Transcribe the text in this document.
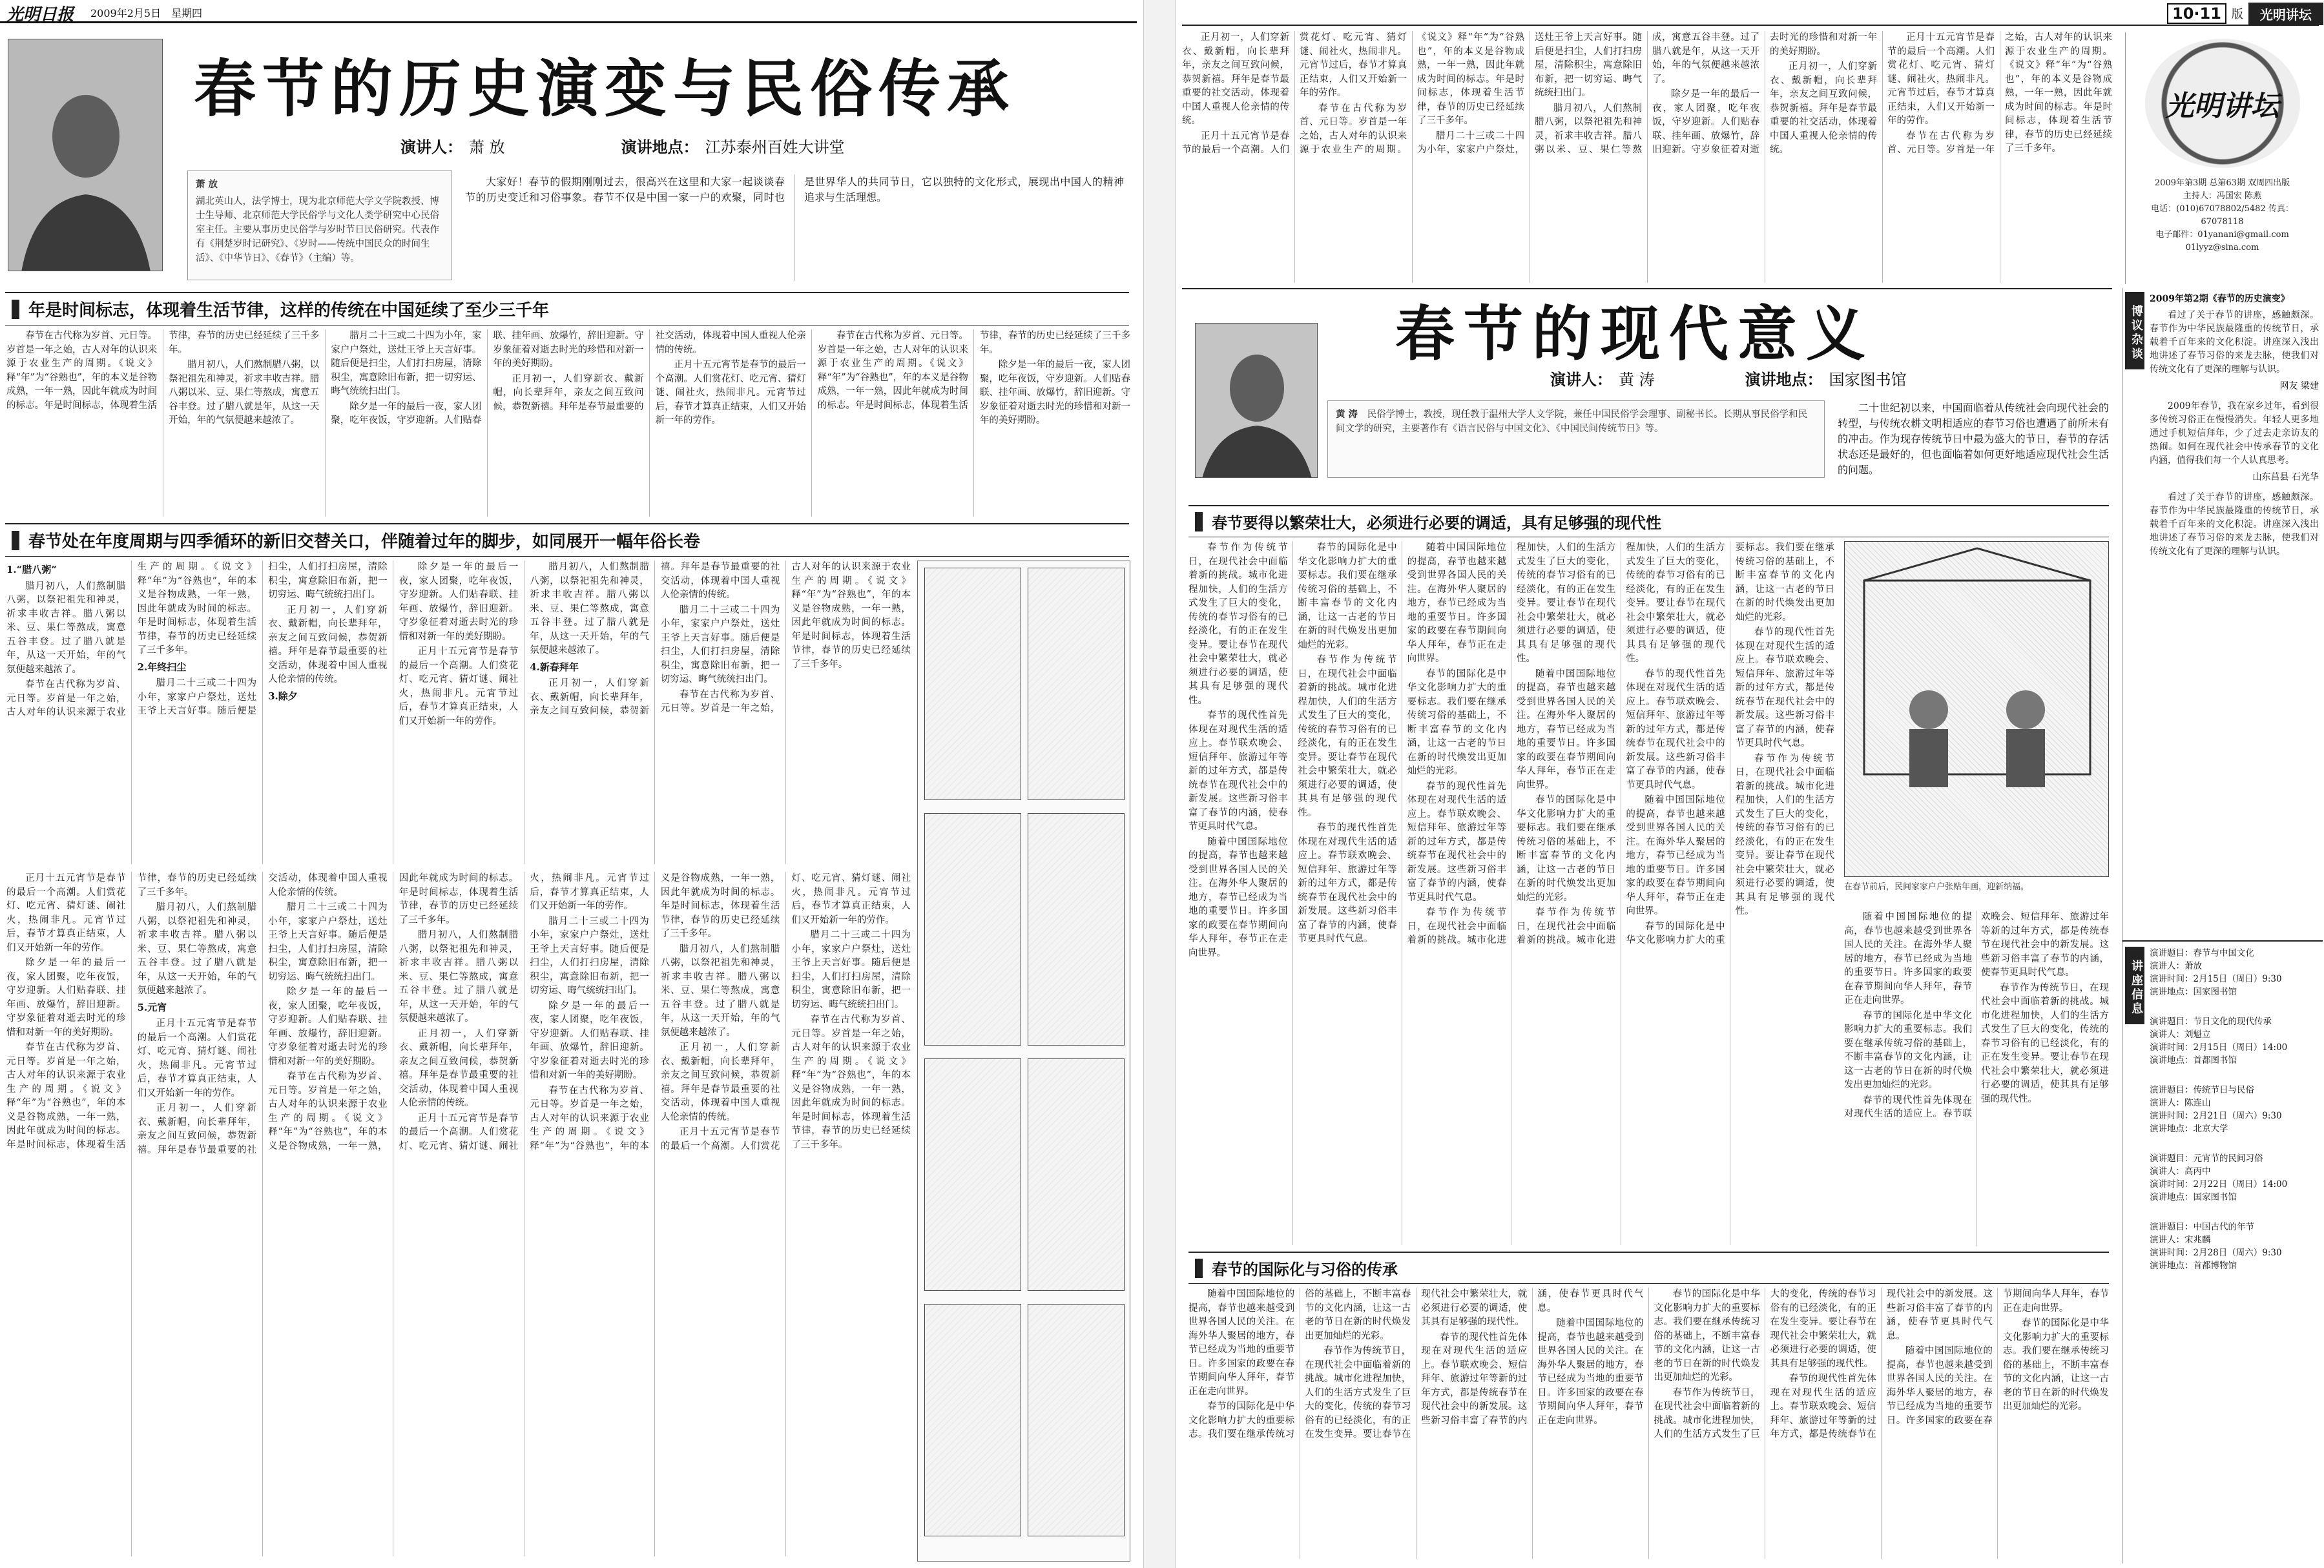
光明日报 2009年2月5日 星期四	10·11 版	光明讲坛
春节的历史演变与民俗传承
演讲人： 萧 放	演讲地点： 江苏泰州百姓大讲堂
萧 放
湖北英山人，法学博士，现为北京师范大学文学院教授、博士生导师、北京师范大学民俗学与文化人类学研究中心民俗室主任。主要从事历史民俗学与岁时节日民俗研究。代表作有《荆楚岁时记研究》、《岁时——传统中国民众的时间生活》、《中华节日》、《春节》（主编）等。

大家好！春节的假期刚刚过去，很高兴在这里和大家一起谈谈春节的历史变迁和习俗事象。春节不仅是中国一家一户的欢聚，同时也是世界华人的共同节日，它以独特的文化形式，展现出中国人的精神追求与生活理想。

年是时间标志，体现着生活节律，这样的传统在中国延续了至少三千年

春节在古代称为岁首、元日等。岁首是一年之始，古人对年的认识来源于农业生产的周期。《说文》释“年”为“谷熟也”，年的本义是谷物成熟，一年一熟，因此年就成为时间的标志。年是时间标志，体现着生活节律，春节的历史已经延续了三千多年。

腊月初八，人们熬制腊八粥，以祭祀祖先和神灵，祈求丰收吉祥。腊八粥以米、豆、果仁等熬成，寓意五谷丰登。过了腊八就是年，从这一天开始，年的气氛便越来越浓了。

腊月二十三或二十四为小年，家家户户祭灶，送灶王爷上天言好事。随后便是扫尘，人们打扫房屋，清除积尘，寓意除旧布新，把一切穷运、晦气统统扫出门。

除夕是一年的最后一夜，家人团聚，吃年夜饭，守岁迎新。人们贴春联、挂年画、放爆竹，辞旧迎新。守岁象征着对逝去时光的珍惜和对新一年的美好期盼。

正月初一，人们穿新衣、戴新帽，向长辈拜年，亲友之间互致问候，恭贺新禧。拜年是春节最重要的社交活动，体现着中国人重视人伦亲情的传统。

正月十五元宵节是春节的最后一个高潮。人们赏花灯、吃元宵、猜灯谜、闹社火，热闹非凡。元宵节过后，春节才算真正结束，人们又开始新一年的劳作。

春节在古代称为岁首、元日等。岁首是一年之始，古人对年的认识来源于农业生产的周期。《说文》释“年”为“谷熟也”，年的本义是谷物成熟，一年一熟，因此年就成为时间的标志。年是时间标志，体现着生活节律，春节的历史已经延续了三千多年。

除夕是一年的最后一夜，家人团聚，吃年夜饭，守岁迎新。人们贴春联、挂年画、放爆竹，辞旧迎新。守岁象征着对逝去时光的珍惜和对新一年的美好期盼。

春节处在年度周期与四季循环的新旧交替关口，伴随着过年的脚步，如同展开一幅年俗长卷
1.“腊八粥”

腊月初八，人们熬制腊八粥，以祭祀祖先和神灵，祈求丰收吉祥。腊八粥以米、豆、果仁等熬成，寓意五谷丰登。过了腊八就是年，从这一天开始，年的气氛便越来越浓了。

春节在古代称为岁首、元日等。岁首是一年之始，古人对年的认识来源于农业生产的周期。《说文》释“年”为“谷熟也”，年的本义是谷物成熟，一年一熟，因此年就成为时间的标志。年是时间标志，体现着生活节律，春节的历史已经延续了三千多年。

2.年终扫尘

腊月二十三或二十四为小年，家家户户祭灶，送灶王爷上天言好事。随后便是扫尘，人们打扫房屋，清除积尘，寓意除旧布新，把一切穷运、晦气统统扫出门。

正月初一，人们穿新衣、戴新帽，向长辈拜年，亲友之间互致问候，恭贺新禧。拜年是春节最重要的社交活动，体现着中国人重视人伦亲情的传统。

3.除夕

除夕是一年的最后一夜，家人团聚，吃年夜饭，守岁迎新。人们贴春联、挂年画、放爆竹，辞旧迎新。守岁象征着对逝去时光的珍惜和对新一年的美好期盼。

正月十五元宵节是春节的最后一个高潮。人们赏花灯、吃元宵、猜灯谜、闹社火，热闹非凡。元宵节过后，春节才算真正结束，人们又开始新一年的劳作。

腊月初八，人们熬制腊八粥，以祭祀祖先和神灵，祈求丰收吉祥。腊八粥以米、豆、果仁等熬成，寓意五谷丰登。过了腊八就是年，从这一天开始，年的气氛便越来越浓了。

4.新春拜年

正月初一，人们穿新衣、戴新帽，向长辈拜年，亲友之间互致问候，恭贺新禧。拜年是春节最重要的社交活动，体现着中国人重视人伦亲情的传统。

腊月二十三或二十四为小年，家家户户祭灶，送灶王爷上天言好事。随后便是扫尘，人们打扫房屋，清除积尘，寓意除旧布新，把一切穷运、晦气统统扫出门。

春节在古代称为岁首、元日等。岁首是一年之始，古人对年的认识来源于农业生产的周期。《说文》释“年”为“谷熟也”，年的本义是谷物成熟，一年一熟，因此年就成为时间的标志。年是时间标志，体现着生活节律，春节的历史已经延续了三千多年。

正月十五元宵节是春节的最后一个高潮。人们赏花灯、吃元宵、猜灯谜、闹社火，热闹非凡。元宵节过后，春节才算真正结束，人们又开始新一年的劳作。

除夕是一年的最后一夜，家人团聚，吃年夜饭，守岁迎新。人们贴春联、挂年画、放爆竹，辞旧迎新。守岁象征着对逝去时光的珍惜和对新一年的美好期盼。

春节在古代称为岁首、元日等。岁首是一年之始，古人对年的认识来源于农业生产的周期。《说文》释“年”为“谷熟也”，年的本义是谷物成熟，一年一熟，因此年就成为时间的标志。年是时间标志，体现着生活节律，春节的历史已经延续了三千多年。

腊月初八，人们熬制腊八粥，以祭祀祖先和神灵，祈求丰收吉祥。腊八粥以米、豆、果仁等熬成，寓意五谷丰登。过了腊八就是年，从这一天开始，年的气氛便越来越浓了。

5.元宵

正月十五元宵节是春节的最后一个高潮。人们赏花灯、吃元宵、猜灯谜、闹社火，热闹非凡。元宵节过后，春节才算真正结束，人们又开始新一年的劳作。

正月初一，人们穿新衣、戴新帽，向长辈拜年，亲友之间互致问候，恭贺新禧。拜年是春节最重要的社交活动，体现着中国人重视人伦亲情的传统。

腊月二十三或二十四为小年，家家户户祭灶，送灶王爷上天言好事。随后便是扫尘，人们打扫房屋，清除积尘，寓意除旧布新，把一切穷运、晦气统统扫出门。

除夕是一年的最后一夜，家人团聚，吃年夜饭，守岁迎新。人们贴春联、挂年画、放爆竹，辞旧迎新。守岁象征着对逝去时光的珍惜和对新一年的美好期盼。

春节在古代称为岁首、元日等。岁首是一年之始，古人对年的认识来源于农业生产的周期。《说文》释“年”为“谷熟也”，年的本义是谷物成熟，一年一熟，因此年就成为时间的标志。年是时间标志，体现着生活节律，春节的历史已经延续了三千多年。

腊月初八，人们熬制腊八粥，以祭祀祖先和神灵，祈求丰收吉祥。腊八粥以米、豆、果仁等熬成，寓意五谷丰登。过了腊八就是年，从这一天开始，年的气氛便越来越浓了。

正月初一，人们穿新衣、戴新帽，向长辈拜年，亲友之间互致问候，恭贺新禧。拜年是春节最重要的社交活动，体现着中国人重视人伦亲情的传统。

正月十五元宵节是春节的最后一个高潮。人们赏花灯、吃元宵、猜灯谜、闹社火，热闹非凡。元宵节过后，春节才算真正结束，人们又开始新一年的劳作。

腊月二十三或二十四为小年，家家户户祭灶，送灶王爷上天言好事。随后便是扫尘，人们打扫房屋，清除积尘，寓意除旧布新，把一切穷运、晦气统统扫出门。

除夕是一年的最后一夜，家人团聚，吃年夜饭，守岁迎新。人们贴春联、挂年画、放爆竹，辞旧迎新。守岁象征着对逝去时光的珍惜和对新一年的美好期盼。

春节在古代称为岁首、元日等。岁首是一年之始，古人对年的认识来源于农业生产的周期。《说文》释“年”为“谷熟也”，年的本义是谷物成熟，一年一熟，因此年就成为时间的标志。年是时间标志，体现着生活节律，春节的历史已经延续了三千多年。

腊月初八，人们熬制腊八粥，以祭祀祖先和神灵，祈求丰收吉祥。腊八粥以米、豆、果仁等熬成，寓意五谷丰登。过了腊八就是年，从这一天开始，年的气氛便越来越浓了。

正月初一，人们穿新衣、戴新帽，向长辈拜年，亲友之间互致问候，恭贺新禧。拜年是春节最重要的社交活动，体现着中国人重视人伦亲情的传统。

正月十五元宵节是春节的最后一个高潮。人们赏花灯、吃元宵、猜灯谜、闹社火，热闹非凡。元宵节过后，春节才算真正结束，人们又开始新一年的劳作。

腊月二十三或二十四为小年，家家户户祭灶，送灶王爷上天言好事。随后便是扫尘，人们打扫房屋，清除积尘，寓意除旧布新，把一切穷运、晦气统统扫出门。

春节在古代称为岁首、元日等。岁首是一年之始，古人对年的认识来源于农业生产的周期。《说文》释“年”为“谷熟也”，年的本义是谷物成熟，一年一熟，因此年就成为时间的标志。年是时间标志，体现着生活节律，春节的历史已经延续了三千多年。

正月初一，人们穿新衣、戴新帽，向长辈拜年，亲友之间互致问候，恭贺新禧。拜年是春节最重要的社交活动，体现着中国人重视人伦亲情的传统。

正月十五元宵节是春节的最后一个高潮。人们赏花灯、吃元宵、猜灯谜、闹社火，热闹非凡。元宵节过后，春节才算真正结束，人们又开始新一年的劳作。

春节在古代称为岁首、元日等。岁首是一年之始，古人对年的认识来源于农业生产的周期。《说文》释“年”为“谷熟也”，年的本义是谷物成熟，一年一熟，因此年就成为时间的标志。年是时间标志，体现着生活节律，春节的历史已经延续了三千多年。

腊月二十三或二十四为小年，家家户户祭灶，送灶王爷上天言好事。随后便是扫尘，人们打扫房屋，清除积尘，寓意除旧布新，把一切穷运、晦气统统扫出门。

腊月初八，人们熬制腊八粥，以祭祀祖先和神灵，祈求丰收吉祥。腊八粥以米、豆、果仁等熬成，寓意五谷丰登。过了腊八就是年，从这一天开始，年的气氛便越来越浓了。

除夕是一年的最后一夜，家人团聚，吃年夜饭，守岁迎新。人们贴春联、挂年画、放爆竹，辞旧迎新。守岁象征着对逝去时光的珍惜和对新一年的美好期盼。

正月初一，人们穿新衣、戴新帽，向长辈拜年，亲友之间互致问候，恭贺新禧。拜年是春节最重要的社交活动，体现着中国人重视人伦亲情的传统。

正月十五元宵节是春节的最后一个高潮。人们赏花灯、吃元宵、猜灯谜、闹社火，热闹非凡。元宵节过后，春节才算真正结束，人们又开始新一年的劳作。

春节在古代称为岁首、元日等。岁首是一年之始，古人对年的认识来源于农业生产的周期。《说文》释“年”为“谷熟也”，年的本义是谷物成熟，一年一熟，因此年就成为时间的标志。年是时间标志，体现着生活节律，春节的历史已经延续了三千多年。

光明讲坛
2009年第3期 总第63期 双周四出版
主持人：冯国宏 陈燕
电话：(010)67078802/5482 传真：67078118
电子邮件：01yanani@gmail.com
01lyyz@sina.com
春节的现代意义
演讲人： 黄 涛	演讲地点： 国家图书馆
黄 涛 民俗学博士，教授，现任教于温州大学人文学院，兼任中国民俗学会理事、副秘书长。长期从事民俗学和民间文学的研究，主要著作有《语言民俗与中国文化》、《中国民间传统节日》等。

二十世纪初以来，中国面临着从传统社会向现代社会的转型，与传统农耕文明相适应的春节习俗也遭遇了前所未有的冲击。作为现存传统节日中最为盛大的节日，春节的存活状态还是最好的，但也面临着如何更好地适应现代社会生活的问题。

春节要得以繁荣壮大，必须进行必要的调适，具有足够强的现代性

春节作为传统节日，在现代社会中面临着新的挑战。城市化进程加快，人们的生活方式发生了巨大的变化，传统的春节习俗有的已经淡化，有的正在发生变异。要让春节在现代社会中繁荣壮大，就必须进行必要的调适，使其具有足够强的现代性。

春节的现代性首先体现在对现代生活的适应上。春节联欢晚会、短信拜年、旅游过年等新的过年方式，都是传统春节在现代社会中的新发展。这些新习俗丰富了春节的内涵，使春节更具时代气息。

随着中国国际地位的提高，春节也越来越受到世界各国人民的关注。在海外华人聚居的地方，春节已经成为当地的重要节日。许多国家的政要在春节期间向华人拜年，春节正在走向世界。

春节的国际化是中华文化影响力扩大的重要标志。我们要在继承传统习俗的基础上，不断丰富春节的文化内涵，让这一古老的节日在新的时代焕发出更加灿烂的光彩。

春节作为传统节日，在现代社会中面临着新的挑战。城市化进程加快，人们的生活方式发生了巨大的变化，传统的春节习俗有的已经淡化，有的正在发生变异。要让春节在现代社会中繁荣壮大，就必须进行必要的调适，使其具有足够强的现代性。

春节的现代性首先体现在对现代生活的适应上。春节联欢晚会、短信拜年、旅游过年等新的过年方式，都是传统春节在现代社会中的新发展。这些新习俗丰富了春节的内涵，使春节更具时代气息。

随着中国国际地位的提高，春节也越来越受到世界各国人民的关注。在海外华人聚居的地方，春节已经成为当地的重要节日。许多国家的政要在春节期间向华人拜年，春节正在走向世界。

春节的国际化是中华文化影响力扩大的重要标志。我们要在继承传统习俗的基础上，不断丰富春节的文化内涵，让这一古老的节日在新的时代焕发出更加灿烂的光彩。

春节的现代性首先体现在对现代生活的适应上。春节联欢晚会、短信拜年、旅游过年等新的过年方式，都是传统春节在现代社会中的新发展。这些新习俗丰富了春节的内涵，使春节更具时代气息。

春节作为传统节日，在现代社会中面临着新的挑战。城市化进程加快，人们的生活方式发生了巨大的变化，传统的春节习俗有的已经淡化，有的正在发生变异。要让春节在现代社会中繁荣壮大，就必须进行必要的调适，使其具有足够强的现代性。

随着中国国际地位的提高，春节也越来越受到世界各国人民的关注。在海外华人聚居的地方，春节已经成为当地的重要节日。许多国家的政要在春节期间向华人拜年，春节正在走向世界。

春节的国际化是中华文化影响力扩大的重要标志。我们要在继承传统习俗的基础上，不断丰富春节的文化内涵，让这一古老的节日在新的时代焕发出更加灿烂的光彩。

春节作为传统节日，在现代社会中面临着新的挑战。城市化进程加快，人们的生活方式发生了巨大的变化，传统的春节习俗有的已经淡化，有的正在发生变异。要让春节在现代社会中繁荣壮大，就必须进行必要的调适，使其具有足够强的现代性。

春节的现代性首先体现在对现代生活的适应上。春节联欢晚会、短信拜年、旅游过年等新的过年方式，都是传统春节在现代社会中的新发展。这些新习俗丰富了春节的内涵，使春节更具时代气息。

随着中国国际地位的提高，春节也越来越受到世界各国人民的关注。在海外华人聚居的地方，春节已经成为当地的重要节日。许多国家的政要在春节期间向华人拜年，春节正在走向世界。

春节的国际化是中华文化影响力扩大的重要标志。我们要在继承传统习俗的基础上，不断丰富春节的文化内涵，让这一古老的节日在新的时代焕发出更加灿烂的光彩。

春节的现代性首先体现在对现代生活的适应上。春节联欢晚会、短信拜年、旅游过年等新的过年方式，都是传统春节在现代社会中的新发展。这些新习俗丰富了春节的内涵，使春节更具时代气息。

春节作为传统节日，在现代社会中面临着新的挑战。城市化进程加快，人们的生活方式发生了巨大的变化，传统的春节习俗有的已经淡化，有的正在发生变异。要让春节在现代社会中繁荣壮大，就必须进行必要的调适，使其具有足够强的现代性。

在春节前后，民间家家户户张贴年画，迎新纳福。

随着中国国际地位的提高，春节也越来越受到世界各国人民的关注。在海外华人聚居的地方，春节已经成为当地的重要节日。许多国家的政要在春节期间向华人拜年，春节正在走向世界。

春节的国际化是中华文化影响力扩大的重要标志。我们要在继承传统习俗的基础上，不断丰富春节的文化内涵，让这一古老的节日在新的时代焕发出更加灿烂的光彩。

春节的现代性首先体现在对现代生活的适应上。春节联欢晚会、短信拜年、旅游过年等新的过年方式，都是传统春节在现代社会中的新发展。这些新习俗丰富了春节的内涵，使春节更具时代气息。

春节作为传统节日，在现代社会中面临着新的挑战。城市化进程加快，人们的生活方式发生了巨大的变化，传统的春节习俗有的已经淡化，有的正在发生变异。要让春节在现代社会中繁荣壮大，就必须进行必要的调适，使其具有足够强的现代性。

春节的国际化与习俗的传承

随着中国国际地位的提高，春节也越来越受到世界各国人民的关注。在海外华人聚居的地方，春节已经成为当地的重要节日。许多国家的政要在春节期间向华人拜年，春节正在走向世界。

春节的国际化是中华文化影响力扩大的重要标志。我们要在继承传统习俗的基础上，不断丰富春节的文化内涵，让这一古老的节日在新的时代焕发出更加灿烂的光彩。

春节作为传统节日，在现代社会中面临着新的挑战。城市化进程加快，人们的生活方式发生了巨大的变化，传统的春节习俗有的已经淡化，有的正在发生变异。要让春节在现代社会中繁荣壮大，就必须进行必要的调适，使其具有足够强的现代性。

春节的现代性首先体现在对现代生活的适应上。春节联欢晚会、短信拜年、旅游过年等新的过年方式，都是传统春节在现代社会中的新发展。这些新习俗丰富了春节的内涵，使春节更具时代气息。

随着中国国际地位的提高，春节也越来越受到世界各国人民的关注。在海外华人聚居的地方，春节已经成为当地的重要节日。许多国家的政要在春节期间向华人拜年，春节正在走向世界。

春节的国际化是中华文化影响力扩大的重要标志。我们要在继承传统习俗的基础上，不断丰富春节的文化内涵，让这一古老的节日在新的时代焕发出更加灿烂的光彩。

春节作为传统节日，在现代社会中面临着新的挑战。城市化进程加快，人们的生活方式发生了巨大的变化，传统的春节习俗有的已经淡化，有的正在发生变异。要让春节在现代社会中繁荣壮大，就必须进行必要的调适，使其具有足够强的现代性。

春节的现代性首先体现在对现代生活的适应上。春节联欢晚会、短信拜年、旅游过年等新的过年方式，都是传统春节在现代社会中的新发展。这些新习俗丰富了春节的内涵，使春节更具时代气息。

随着中国国际地位的提高，春节也越来越受到世界各国人民的关注。在海外华人聚居的地方，春节已经成为当地的重要节日。许多国家的政要在春节期间向华人拜年，春节正在走向世界。

春节的国际化是中华文化影响力扩大的重要标志。我们要在继承传统习俗的基础上，不断丰富春节的文化内涵，让这一古老的节日在新的时代焕发出更加灿烂的光彩。

博议杂谈
2009年第2期《春节的历史演变》

看过了关于春节的讲座，感触颇深。春节作为中华民族最隆重的传统节日，承载着千百年来的文化积淀。讲座深入浅出地讲述了春节习俗的来龙去脉，使我们对传统文化有了更深的理解与认识。

网友 梁建

2009年春节，我在家乡过年，看到很多传统习俗正在慢慢消失。年轻人更多地通过手机短信拜年，少了过去走亲访友的热闹。如何在现代社会中传承春节的文化内涵，值得我们每一个人认真思考。

山东莒县 石光华

看过了关于春节的讲座，感触颇深。春节作为中华民族最隆重的传统节日，承载着千百年来的文化积淀。讲座深入浅出地讲述了春节习俗的来龙去脉，使我们对传统文化有了更深的理解与认识。

讲座信息
演讲题目：春节与中国文化
演讲人：萧放
演讲时间：2月15日（周日）9:30
演讲地点：国家图书馆
演讲题目：节日文化的现代传承
演讲人：刘魁立
演讲时间：2月15日（周日）14:00
演讲地点：首都图书馆
演讲题目：传统节日与民俗
演讲人：陈连山
演讲时间：2月21日（周六）9:30
演讲地点：北京大学
演讲题目：元宵节的民间习俗
演讲人：高丙中
演讲时间：2月22日（周日）14:00
演讲地点：国家图书馆
演讲题目：中国古代的年节
演讲人：宋兆麟
演讲时间：2月28日（周六）9:30
演讲地点：首都博物馆
